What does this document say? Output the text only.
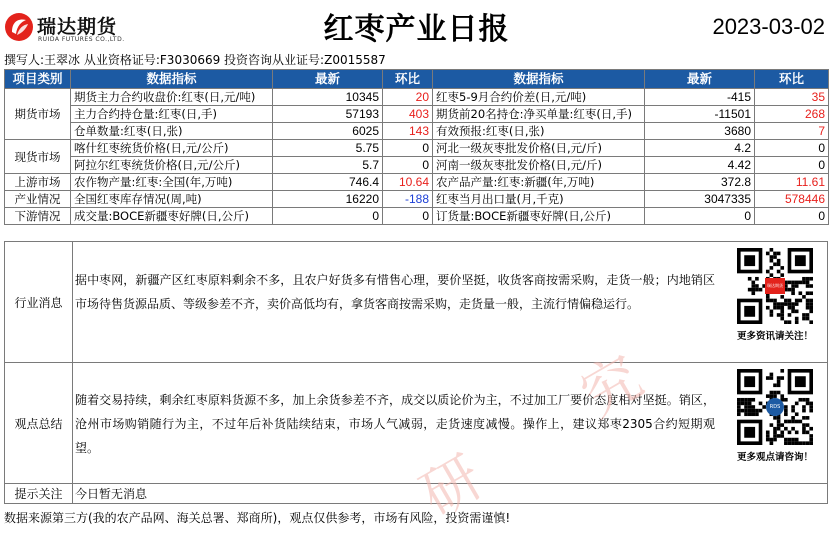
瑞达期货
RUIDA FUTURES CO.,LTD.	红枣产业日报	2023-03-02
撰写人:王翠冰 从业资格证号:F3030669 投资咨询从业证号:Z0015587
项目类别	数据指标	最新	环比	数据指标	最新	环比
期货市场	期货主力合约收盘价:红枣(日,元/吨)	10345	20	红枣5-9月合约价差(日,元/吨)	-415	35
	主力合约持仓量:红枣(日,手)	57193	403	期货前20名持仓:净买单量:红枣(日,手)	-11501	268
	仓单数量:红枣(日,张)	6025	143	有效预报:红枣(日,张)	3680	7
现货市场	喀什红枣统货价格(日,元/公斤)	5.75	0	河北一级灰枣批发价格(日,元/斤)	4.2	0
	阿拉尔红枣统货价格(日,元/公斤)	5.7	0	河南一级灰枣批发价格(日,元/斤)	4.42	0
上游市场	农作物产量:红枣:全国(年,万吨)	746.4	10.64	农产品产量:红枣:新疆(年,万吨)	372.8	11.61
产业情况	全国红枣库存情况(周,吨)	16220	-188	红枣当月出口量(月,千克)	3047335	578446
下游情况	成交量:BOCE新疆枣好牌(日,公斤)	0	0	订货量:BOCE新疆枣好牌(日,公斤)	0	0
行业消息
据中枣网，新疆产区红枣原料剩余不多，且农户好货多有惜售心理，要价坚挺，收货客商按需采购，走货一般；内地销区市场待售货源品质、等级参差不齐，卖价高低均有，拿货客商按需采购，走货量一般，主流行情偏稳运行。
瑞达期货
更多资讯请关注！
观点总结
随着交易持续，剩余红枣原料货源不多，加上余货参差不齐，成交以质论价为主，不过加工厂要价态度相对坚挺。销区，沧州市场购销随行为主，不过年后补货陆续结束，市场人气减弱，走货速度减慢。操作上，建议郑枣2305合约短期观望。
RDS
更多观点请咨询！
提示关注	今日暂无消息
数据来源第三方(我的农产品网、海关总署、郑商所)，观点仅供参考，市场有风险，投资需谨慎!
研
究
